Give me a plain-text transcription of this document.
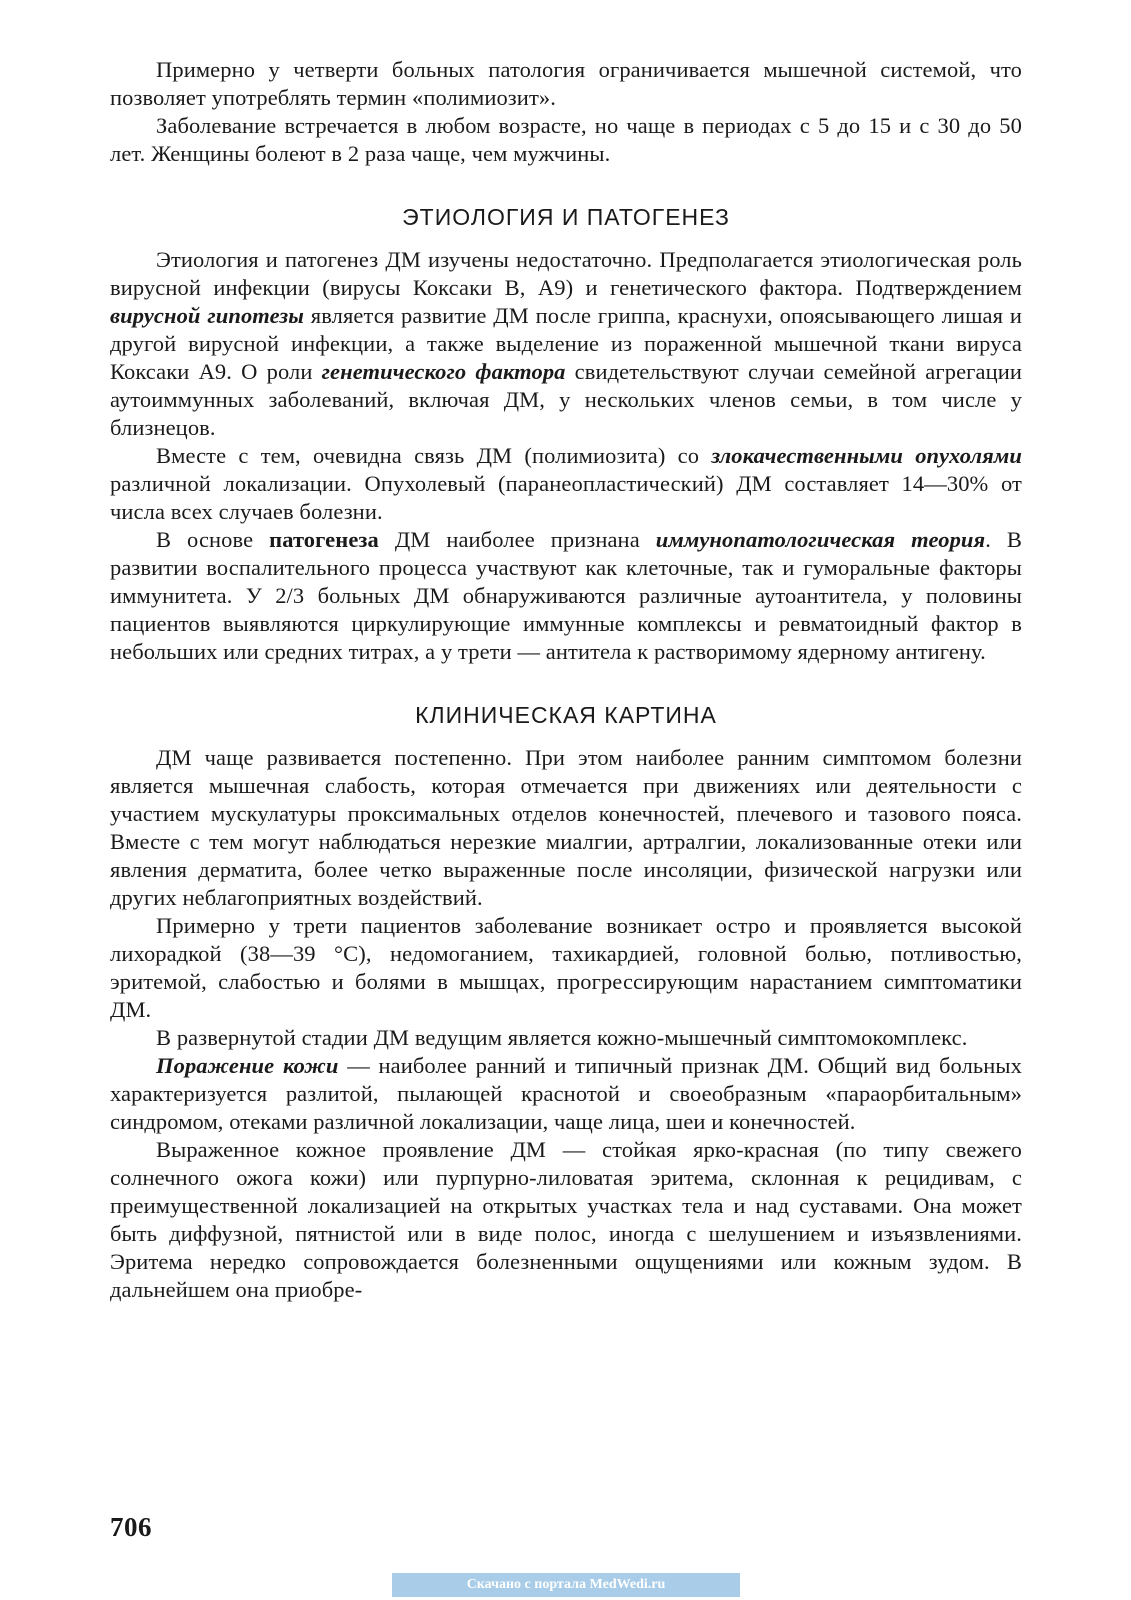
Примерно у четверти больных патология ограничивается мышечной системой, что позволяет употреблять термин «полимиозит».

Заболевание встречается в любом возрасте, но чаще в периодах с 5 до 15 и с 30 до 50 лет. Женщины болеют в 2 раза чаще, чем мужчины.

ЭТИОЛОГИЯ И ПАТОГЕНЕЗ

Этиология и патогенез ДМ изучены недостаточно. Предполагается этиологическая роль вирусной инфекции (вирусы Коксаки В, А9) и генетического фактора. Подтверждением вирусной гипотезы является развитие ДМ после гриппа, краснухи, опоясывающего лишая и другой вирусной инфекции, а также выделение из пораженной мышечной ткани вируса Коксаки А9. О роли генетического фактора свидетельствуют случаи семейной агрегации аутоиммунных заболеваний, включая ДМ, у нескольких членов семьи, в том числе у близнецов.

Вместе с тем, очевидна связь ДМ (полимиозита) со злокачественными опухолями различной локализации. Опухолевый (паранеопластический) ДМ составляет 14—30% от числа всех случаев болезни.

В основе патогенеза ДМ наиболее признана иммунопатологическая теория. В развитии воспалительного процесса участвуют как клеточные, так и гуморальные факторы иммунитета. У 2/3 больных ДМ обнаруживаются различные аутоантитела, у половины пациентов выявляются циркулирующие иммунные комплексы и ревматоидный фактор в небольших или средних титрах, а у трети — антитела к растворимому ядерному антигену.

КЛИНИЧЕСКАЯ КАРТИНА

ДМ чаще развивается постепенно. При этом наиболее ранним симптомом болезни является мышечная слабость, которая отмечается при движениях или деятельности с участием мускулатуры проксимальных отделов конечностей, плечевого и тазового пояса. Вместе с тем могут наблюдаться нерезкие миалгии, артралгии, локализованные отеки или явления дерматита, более четко выраженные после инсоляции, физической нагрузки или других неблагоприятных воздействий.

Примерно у трети пациентов заболевание возникает остро и проявляется высокой лихорадкой (38—39 °С), недомоганием, тахикардией, головной болью, потливостью, эритемой, слабостью и болями в мышцах, прогрессирующим нарастанием симптоматики ДМ.

В развернутой стадии ДМ ведущим является кожно-мышечный симптомокомплекс.

Поражение кожи — наиболее ранний и типичный признак ДМ. Общий вид больных характеризуется разлитой, пылающей краснотой и своеобразным «параорбитальным» синдромом, отеками различной локализации, чаще лица, шеи и конечностей.

Выраженное кожное проявление ДМ — стойкая ярко-красная (по типу свежего солнечного ожога кожи) или пурпурно-лиловатая эритема, склонная к рецидивам, с преимущественной локализацией на открытых участках тела и над суставами. Она может быть диффузной, пятнистой или в виде полос, иногда с шелушением и изъязвлениями. Эритема нередко сопровождается болезненными ощущениями или кожным зудом. В дальнейшем она приобре-

706
Скачано с портала MedWedi.ru
